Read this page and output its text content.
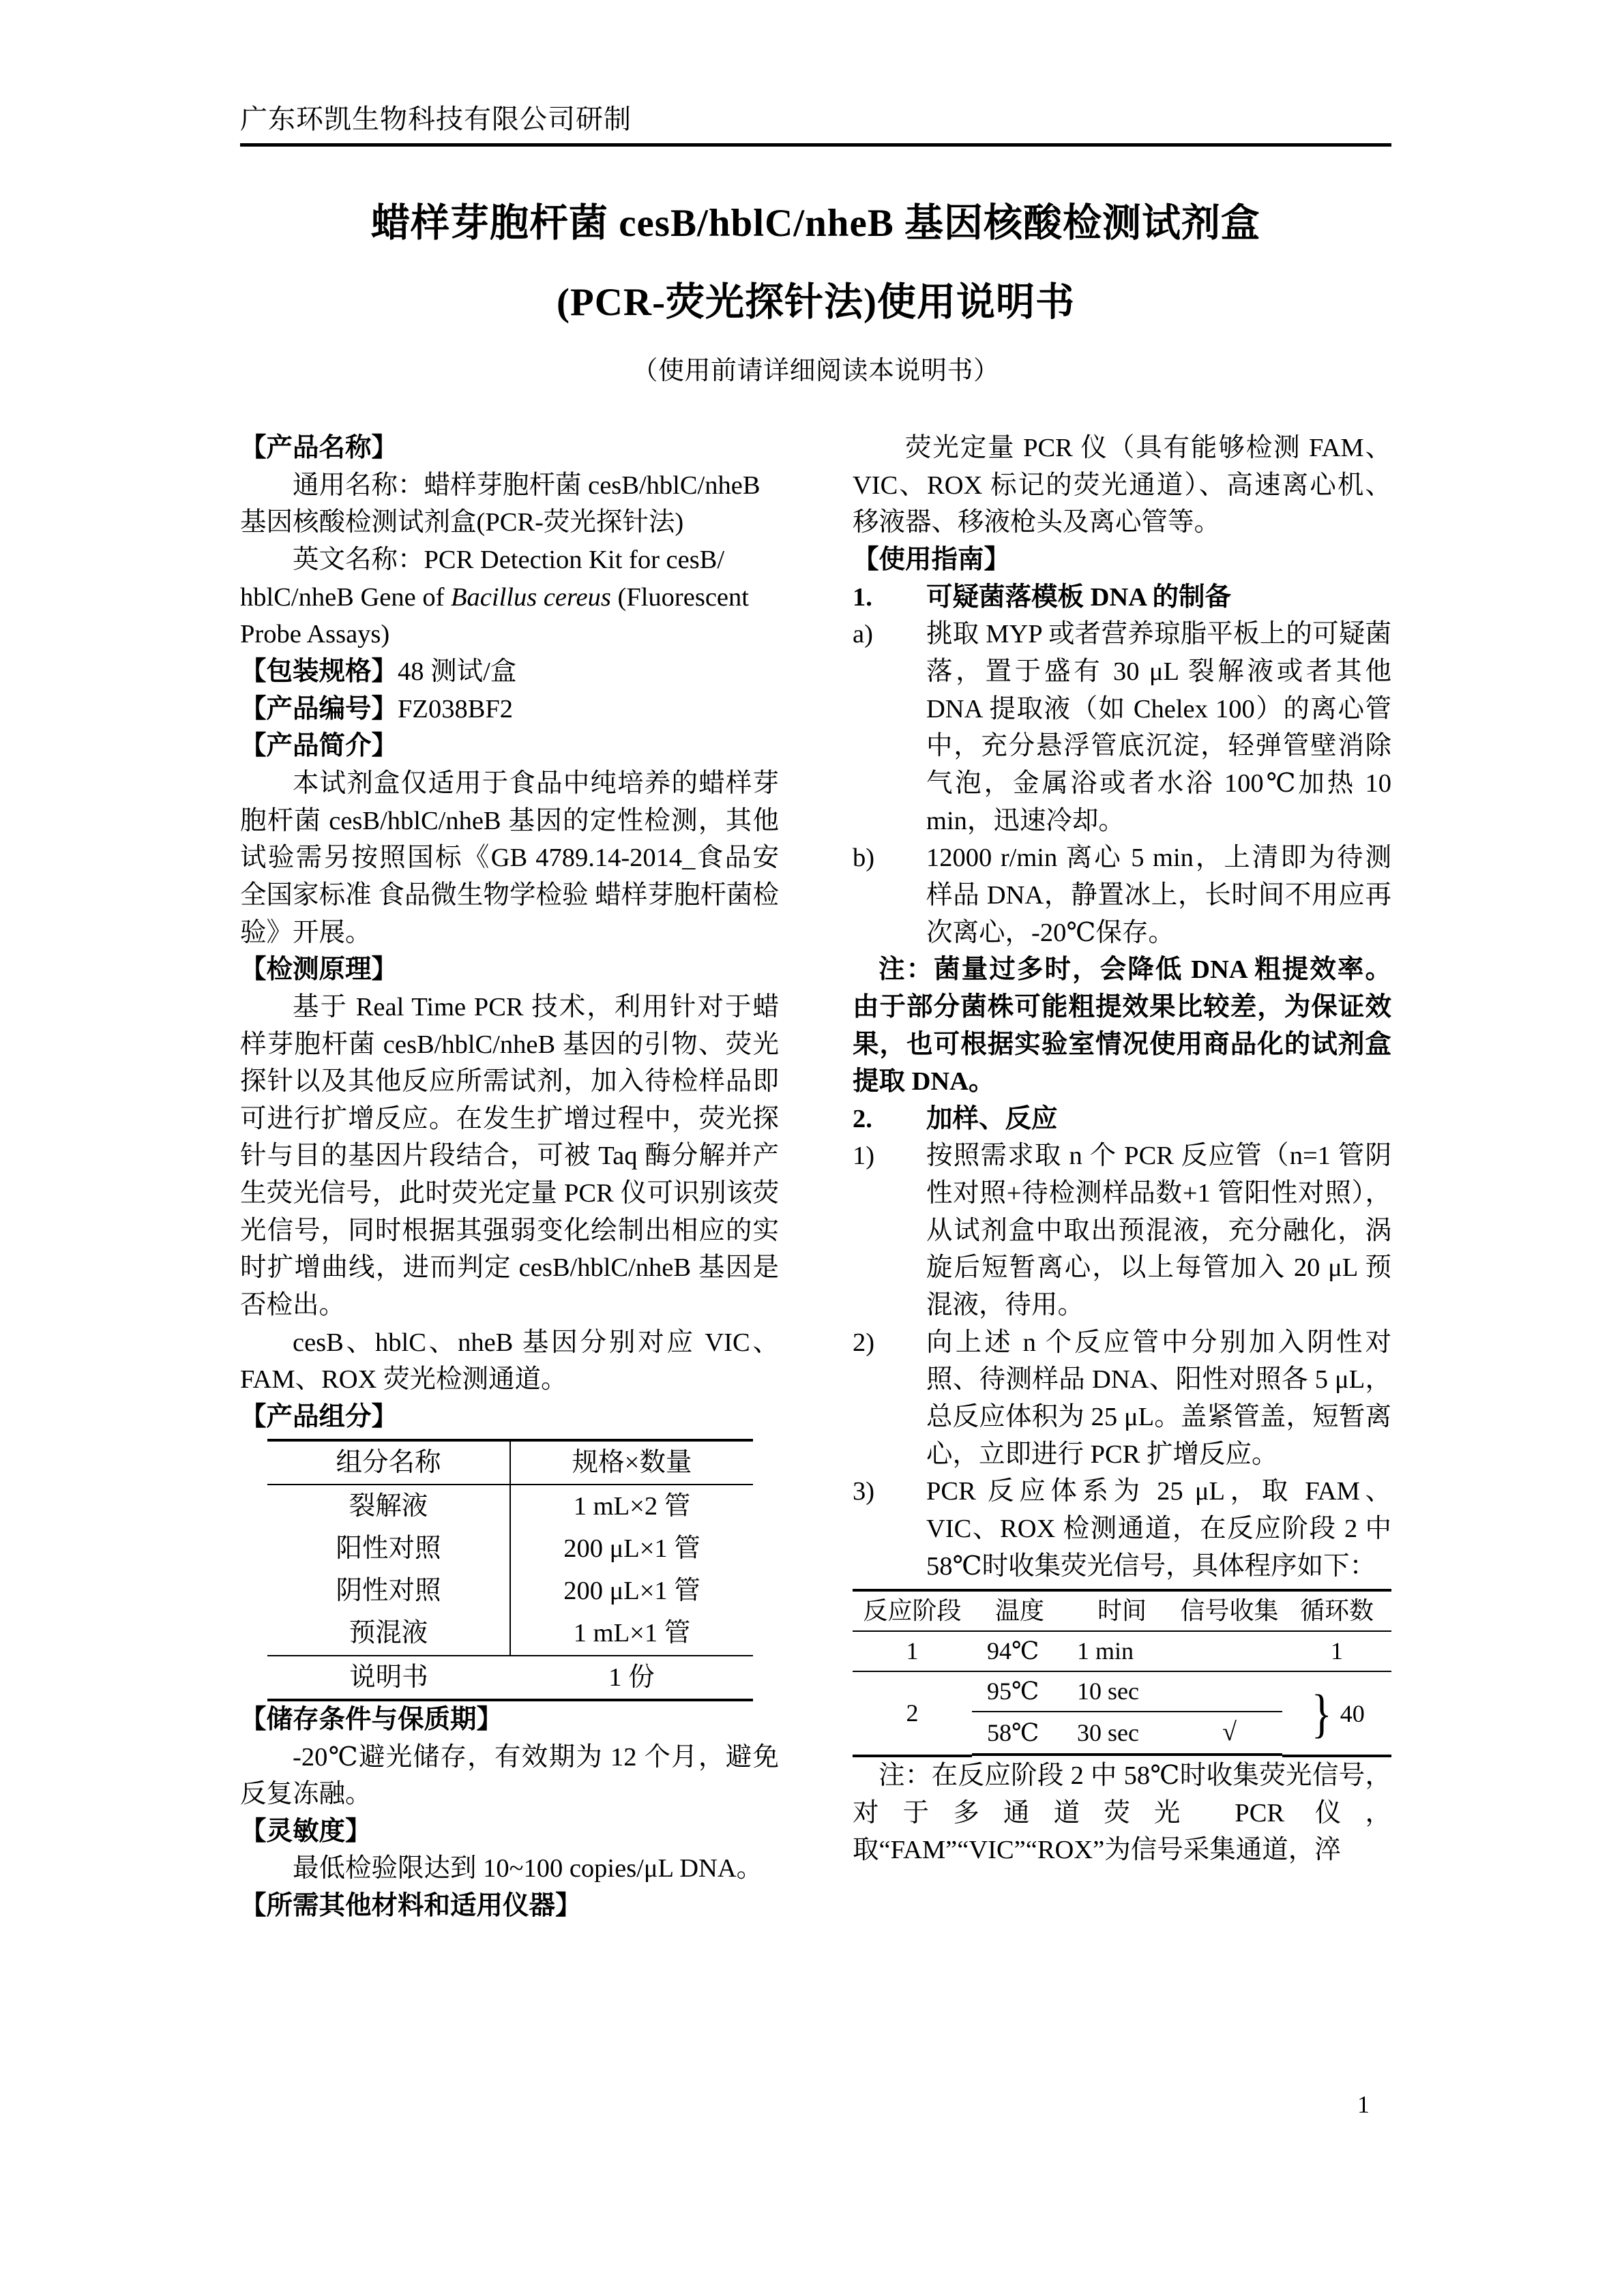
广东环凯生物科技有限公司研制
蜡样芽胞杆菌 cesB/hblC/nheB 基因核酸检测试剂盒
(PCR-荧光探针法)使用说明书
（使用前请详细阅读本说明书）
【产品名称】

通用名称：蜡样芽胞杆菌 cesB/hblC/nheB

基因核酸检测试剂盒(PCR-荧光探针法)

英文名称：PCR Detection Kit for cesB/

hblC/nheB Gene of Bacillus cereus (Fluorescent

Probe Assays)

【包装规格】48 测试/盒

【产品编号】FZ038BF2

【产品简介】

本试剂盒仅适用于食品中纯培养的蜡样芽胞杆菌 cesB/hblC/nheB 基因的定性检测，其他试验需另按照国标《GB 4789.14-2014_食品安全国家标准 食品微生物学检验 蜡样芽胞杆菌检验》开展。

【检测原理】

基于 Real Time PCR 技术，利用针对于蜡样芽胞杆菌 cesB/hblC/nheB 基因的引物、荧光探针以及其他反应所需试剂，加入待检样品即可进行扩增反应。在发生扩增过程中，荧光探针与目的基因片段结合，可被 Taq 酶分解并产生荧光信号，此时荧光定量 PCR 仪可识别该荧光信号，同时根据其强弱变化绘制出相应的实时扩增曲线，进而判定 cesB/hblC/nheB 基因是否检出。

cesB、hblC、nheB 基因分别对应 VIC、FAM、ROX 荧光检测通道。

【产品组分】
组分名称	规格×数量
裂解液	1 mL×2 管
阳性对照	200 μL×1 管
阴性对照	200 μL×1 管
预混液	1 mL×1 管
说明书	1 份
【储存条件与保质期】

-20℃避光储存，有效期为 12 个月，避免反复冻融。

【灵敏度】

最低检验限达到 10~100 copies/μL DNA。

【所需其他材料和适用仪器】

荧光定量 PCR 仪（具有能够检测 FAM、VIC、ROX 标记的荧光通道）、高速离心机、移液器、移液枪头及离心管等。

【使用指南】
1.	可疑菌落模板 DNA 的制备
a)	挑取 MYP 或者营养琼脂平板上的可疑菌落，置于盛有 30 μL 裂解液或者其他 DNA 提取液（如 Chelex 100）的离心管中，充分悬浮管底沉淀，轻弹管壁消除气泡，金属浴或者水浴 100℃加热 10 min，迅速冷却。
b)	12000 r/min 离心 5 min，上清即为待测样品 DNA，静置冰上，长时间不用应再次离心，-20℃保存。

注：菌量过多时，会降低 DNA 粗提效率。由于部分菌株可能粗提效果比较差，为保证效果，也可根据实验室情况使用商品化的试剂盒提取 DNA。

2.	加样、反应
1)	按照需求取 n 个 PCR 反应管（n=1 管阴性对照+待检测样品数+1 管阳性对照），从试剂盒中取出预混液，充分融化，涡旋后短暂离心，以上每管加入 20 μL 预混液，待用。
2)	向上述 n 个反应管中分别加入阴性对照、待测样品 DNA、阳性对照各 5 μL，总反应体积为 25 μL。盖紧管盖，短暂离心，立即进行 PCR 扩增反应。
3)	PCR 反应体系为 25 μL，取 FAM、VIC、ROX 检测通道，在反应阶段 2 中 58℃时收集荧光信号，具体程序如下：
反应阶段	温度	时间	信号收集	循环数
1	94℃	1 min		1
2	95℃	10 sec		} 40
	58℃	30 sec	√	

注：在反应阶段 2 中 58℃时收集荧光信号，对于多通道荧光 PCR 仪，取“FAM”“VIC”“ROX”为信号采集通道，淬

1
